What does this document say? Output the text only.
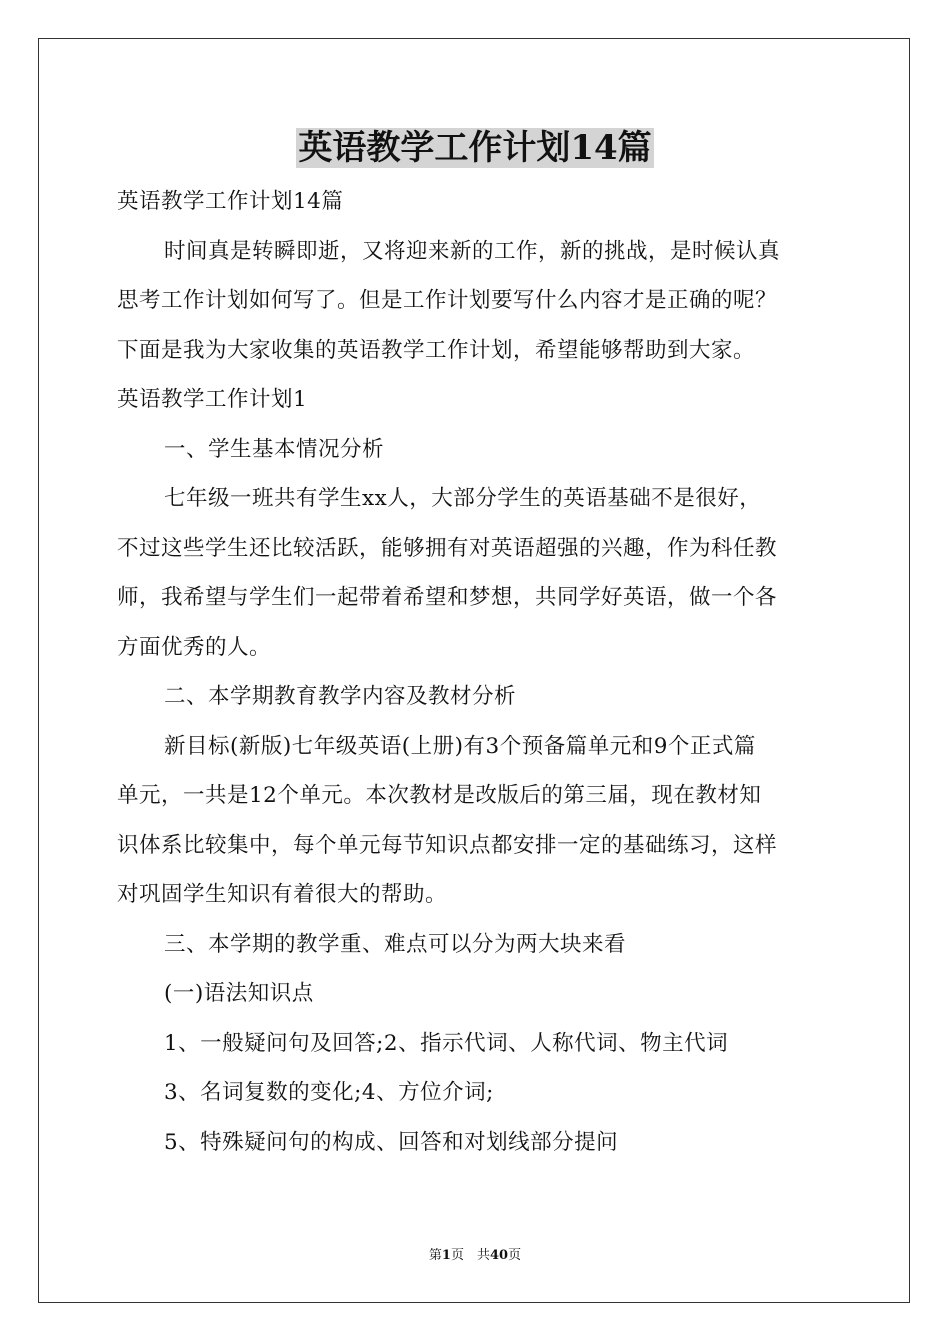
英语教学工作计划14篇
英语教学工作计划14篇
时间真是转瞬即逝，又将迎来新的工作，新的挑战，是时候认真
思考工作计划如何写了。但是工作计划要写什么内容才是正确的呢？
下面是我为大家收集的英语教学工作计划，希望能够帮助到大家。
英语教学工作计划1
一、学生基本情况分析
七年级一班共有学生xx人，大部分学生的英语基础不是很好，
不过这些学生还比较活跃，能够拥有对英语超强的兴趣，作为科任教
师，我希望与学生们一起带着希望和梦想，共同学好英语，做一个各
方面优秀的人。
二、本学期教育教学内容及教材分析
新目标(新版)七年级英语(上册)有3个预备篇单元和9个正式篇
单元，一共是12个单元。本次教材是改版后的第三届，现在教材知
识体系比较集中，每个单元每节知识点都安排一定的基础练习，这样
对巩固学生知识有着很大的帮助。
三、本学期的教学重、难点可以分为两大块来看
(一)语法知识点
1、一般疑问句及回答;2、指示代词、人称代词、物主代词
3、名词复数的变化;4、方位介词;
5、特殊疑问句的构成、回答和对划线部分提问
第1页　共40页
